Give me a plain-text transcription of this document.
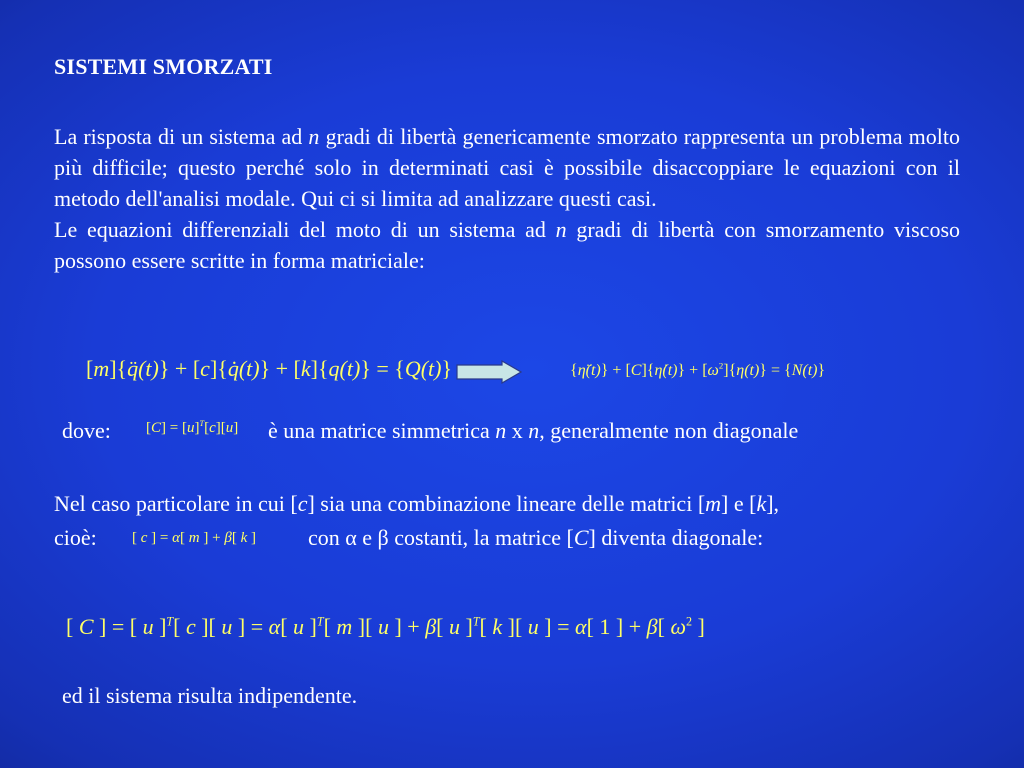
SISTEMI SMORZATI

La risposta di un sistema ad n gradi di libertà genericamente smorzato rappresenta un problema molto più difficile; questo perché solo in determinati casi è possibile disaccoppiare le equazioni con il metodo dell'analisi modale. Qui ci si limita ad analizzare questi casi.

Le equazioni differenziali del moto di un sistema ad n gradi di libertà con smorzamento viscoso possono essere scritte in forma matriciale:

[m]{q̈(t)} + [c]{q̇(t)} + [k]{q(t)} = {Q(t)}	{η̈(t)} + [C]{η̇(t)} + $[\omega^2]\{\eta(t)\} = \{N(t)\}$
dove: $[C] = [u]^T[c][u]$ è una matrice simmetrica n x n, generalmente non diagonale

Nel caso particolare in cui [c] sia una combinazione lineare delle matrici [m] e [k],

cioè: [ c ] = α[ m ] + β[ k ] con α e β costanti, la matrice [C] diventa diagonale:
[ C ] = [ u ]$^T$[ c ][ u ] = α[ u ]$^T$[ m ][ u ] + β[ u ]$^T$[ k ][ u ] = α[ 1 ] + β[ $\omega^2$ ]
ed il sistema risulta indipendente.
